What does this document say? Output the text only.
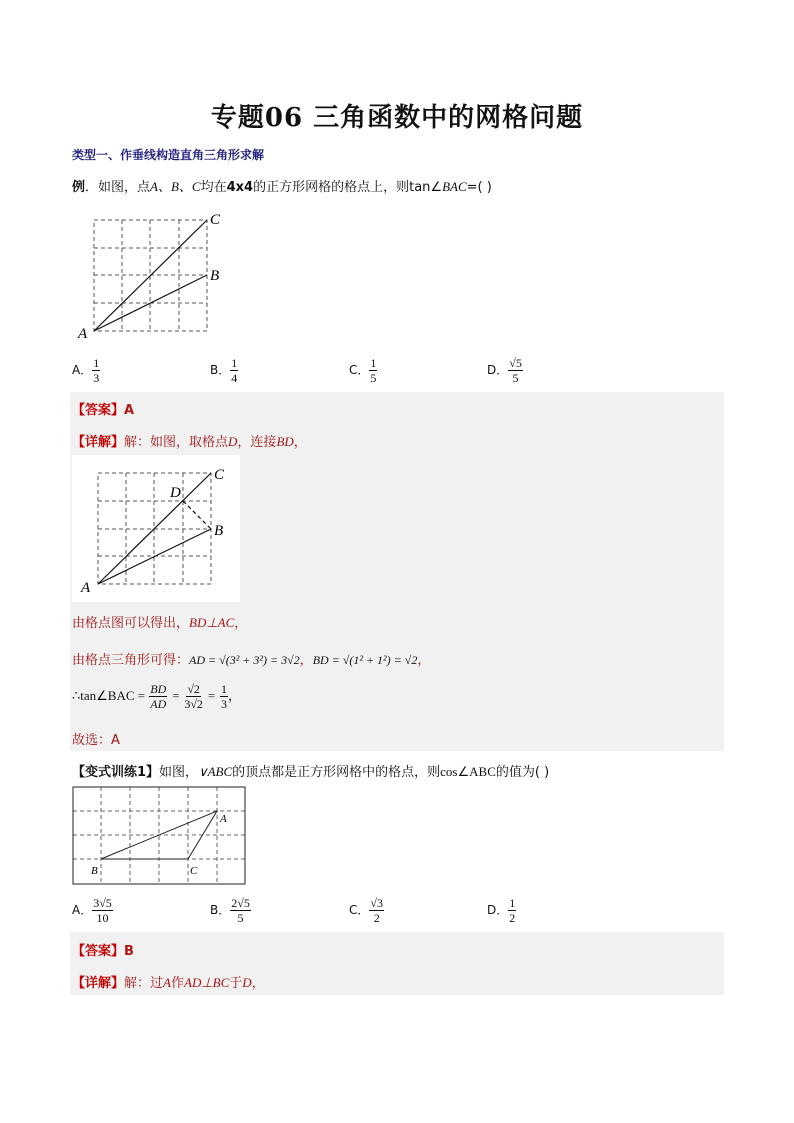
专题06 三角函数中的网格问题
类型一、作垂线构造直角三角形求解
例．如图，点A、B、C均在4x4的正方形网格的格点上，则tan∠BAC=( )
A
B
C
A． $\frac{1}{3}$	B． $\frac{1}{4}$	C． $\frac{1}{5}$	D． $\frac{√5}{5}$
【答案】A
【详解】解：如图，取格点D，连接BD，
A
B
C
D
由格点图可以得出，BD⊥AC，
由格点三角形可得：AD = √(3² + 3²) = 3√2，BD = √(1² + 1²) = √2，
∴tan∠BAC = $\frac{BD}{AD} = \frac{√2}{3√2} = \frac{1}{3}$ ，
故选：A
【变式训练1】如图，∨ABC的顶点都是正方形网格中的格点，则cos∠ABC的值为( )
B	C
A
A． $\frac{3√5}{10}$	B． $\frac{2√5}{5}$	C． $\frac{√3}{2}$	D． $\frac{1}{2}$
【答案】B
【详解】解：过A作AD⊥BC于D，
